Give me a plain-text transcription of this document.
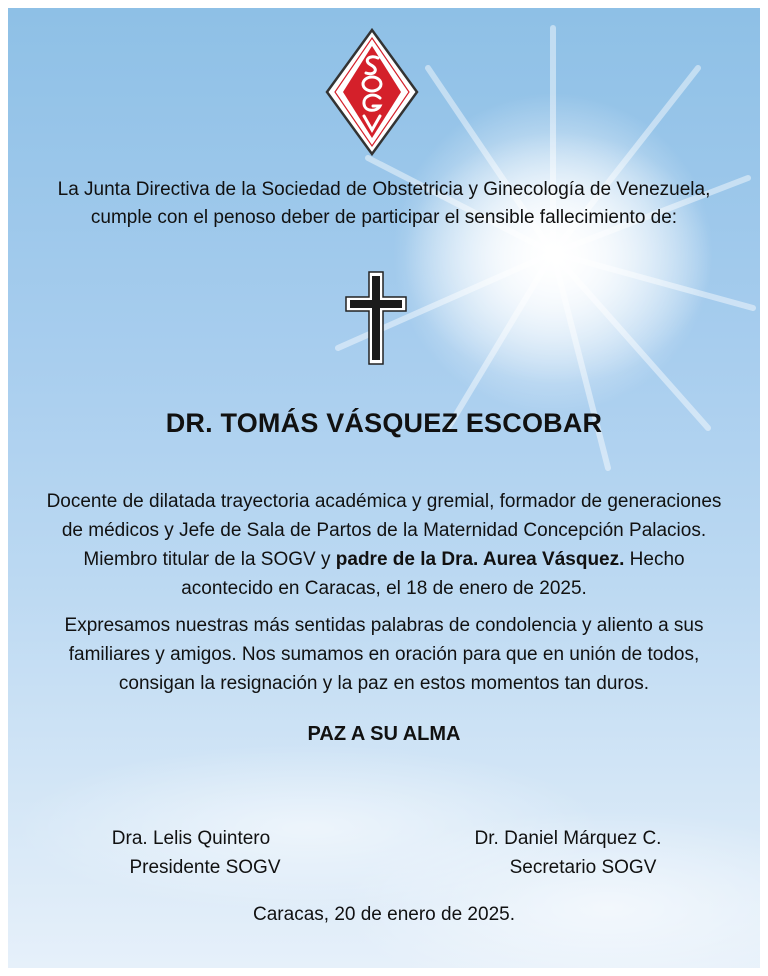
La Junta Directiva de la Sociedad de Obstetricia y Ginecología de Venezuela, cumple con el penoso deber de participar el sensible fallecimiento de:
DR. TOMÁS VÁSQUEZ ESCOBAR
Docente de dilatada trayectoria académica y gremial, formador de generaciones de médicos y Jefe de Sala de Partos de la Maternidad Concepción Palacios. Miembro titular de la SOGV y padre de la Dra. Aurea Vásquez. Hecho acontecido en Caracas, el 18 de enero de 2025.
Expresamos nuestras más sentidas palabras de condolencia y aliento a sus familiares y amigos. Nos sumamos en oración para que en unión de todos, consigan la resignación y la paz en estos momentos tan duros.
PAZ A SU ALMA
Dra. Lelis Quintero
Presidente SOGV
Dr. Daniel Márquez C.
Secretario SOGV
Caracas, 20 de enero de 2025.
